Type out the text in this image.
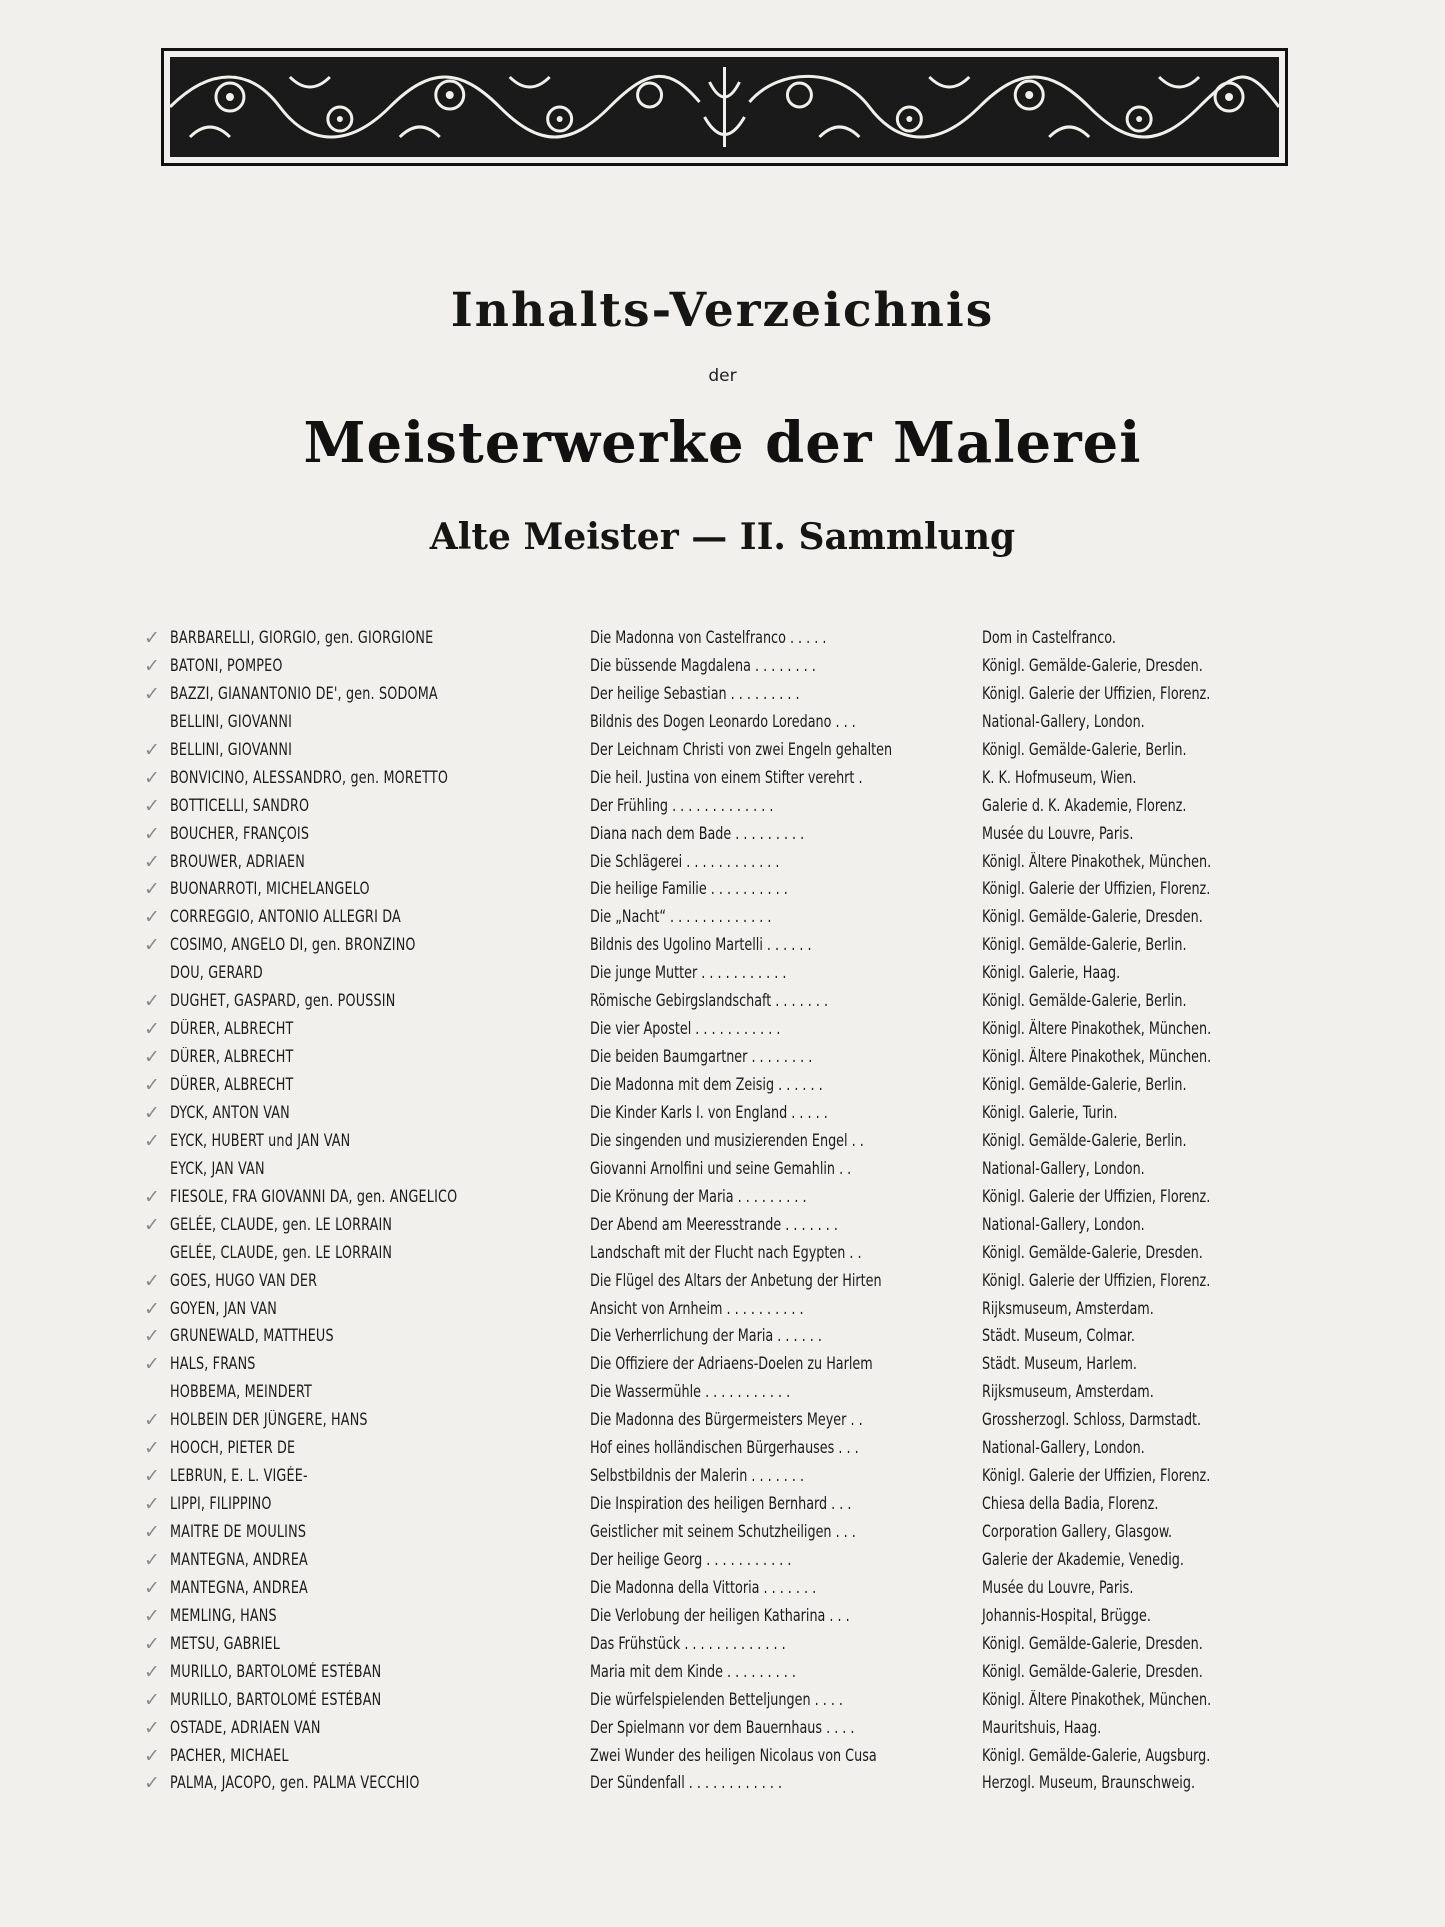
Inhalts-Verzeichnis
der
Meisterwerke der Malerei
Alte Meister — II. Sammlung
✓ BARBARELLI, GIORGIO, gen. GIORGIONE	Die Madonna von Castelfranco . . . . .	Dom in Castelfranco.
✓ BATONI, POMPEO	Die büssende Magdalena . . . . . . . .	Königl. Gemälde-Galerie, Dresden.
✓ BAZZI, GIANANTONIO DE', gen. SODOMA	Der heilige Sebastian . . . . . . . . .	Königl. Galerie der Uffizien, Florenz.
BELLINI, GIOVANNI	Bildnis des Dogen Leonardo Loredano . . .	National-Gallery, London.
✓ BELLINI, GIOVANNI	Der Leichnam Christi von zwei Engeln gehalten	Königl. Gemälde-Galerie, Berlin.
✓ BONVICINO, ALESSANDRO, gen. MORETTO	Die heil. Justina von einem Stifter verehrt .	K. K. Hofmuseum, Wien.
✓ BOTTICELLI, SANDRO	Der Frühling . . . . . . . . . . . . .	Galerie d. K. Akademie, Florenz.
✓ BOUCHER, FRANÇOIS	Diana nach dem Bade . . . . . . . . .	Musée du Louvre, Paris.
✓ BROUWER, ADRIAEN	Die Schlägerei . . . . . . . . . . . .	Königl. Ältere Pinakothek, München.
✓ BUONARROTI, MICHELANGELO	Die heilige Familie . . . . . . . . . .	Königl. Galerie der Uffizien, Florenz.
✓ CORREGGIO, ANTONIO ALLEGRI DA	Die „Nacht“ . . . . . . . . . . . . .	Königl. Gemälde-Galerie, Dresden.
✓ COSIMO, ANGELO DI, gen. BRONZINO	Bildnis des Ugolino Martelli . . . . . .	Königl. Gemälde-Galerie, Berlin.
DOU, GERARD	Die junge Mutter . . . . . . . . . . .	Königl. Galerie, Haag.
✓ DUGHET, GASPARD, gen. POUSSIN	Römische Gebirgslandschaft . . . . . . .	Königl. Gemälde-Galerie, Berlin.
✓ DÜRER, ALBRECHT	Die vier Apostel . . . . . . . . . . .	Königl. Ältere Pinakothek, München.
✓ DÜRER, ALBRECHT	Die beiden Baumgartner . . . . . . . .	Königl. Ältere Pinakothek, München.
✓ DÜRER, ALBRECHT	Die Madonna mit dem Zeisig . . . . . .	Königl. Gemälde-Galerie, Berlin.
✓ DYCK, ANTON VAN	Die Kinder Karls I. von England . . . . .	Königl. Galerie, Turin.
✓ EYCK, HUBERT und JAN VAN	Die singenden und musizierenden Engel . .	Königl. Gemälde-Galerie, Berlin.
EYCK, JAN VAN	Giovanni Arnolfini und seine Gemahlin . .	National-Gallery, London.
✓ FIESOLE, FRA GIOVANNI DA, gen. ANGELICO	Die Krönung der Maria . . . . . . . . .	Königl. Galerie der Uffizien, Florenz.
✓ GELÉE, CLAUDE, gen. LE LORRAIN	Der Abend am Meeresstrande . . . . . . .	National-Gallery, London.
GELÉE, CLAUDE, gen. LE LORRAIN	Landschaft mit der Flucht nach Egypten . .	Königl. Gemälde-Galerie, Dresden.
✓ GOES, HUGO VAN DER	Die Flügel des Altars der Anbetung der Hirten	Königl. Galerie der Uffizien, Florenz.
✓ GOYEN, JAN VAN	Ansicht von Arnheim . . . . . . . . . .	Rijksmuseum, Amsterdam.
✓ GRUNEWALD, MATTHEUS	Die Verherrlichung der Maria . . . . . .	Städt. Museum, Colmar.
✓ HALS, FRANS	Die Offiziere der Adriaens-Doelen zu Harlem	Städt. Museum, Harlem.
HOBBEMA, MEINDERT	Die Wassermühle . . . . . . . . . . .	Rijksmuseum, Amsterdam.
✓ HOLBEIN DER JÜNGERE, HANS	Die Madonna des Bürgermeisters Meyer . .	Grossherzogl. Schloss, Darmstadt.
✓ HOOCH, PIETER DE	Hof eines holländischen Bürgerhauses . . .	National-Gallery, London.
✓ LEBRUN, E. L. VIGÉE-	Selbstbildnis der Malerin . . . . . . .	Königl. Galerie der Uffizien, Florenz.
✓ LIPPI, FILIPPINO	Die Inspiration des heiligen Bernhard . . .	Chiesa della Badia, Florenz.
✓ MAITRE DE MOULINS	Geistlicher mit seinem Schutzheiligen . . .	Corporation Gallery, Glasgow.
✓ MANTEGNA, ANDREA	Der heilige Georg . . . . . . . . . . .	Galerie der Akademie, Venedig.
✓ MANTEGNA, ANDREA	Die Madonna della Vittoria . . . . . . .	Musée du Louvre, Paris.
✓ MEMLING, HANS	Die Verlobung der heiligen Katharina . . .	Johannis-Hospital, Brügge.
✓ METSU, GABRIEL	Das Frühstück . . . . . . . . . . . . .	Königl. Gemälde-Galerie, Dresden.
✓ MURILLO, BARTOLOMÉ ESTÉBAN	Maria mit dem Kinde . . . . . . . . .	Königl. Gemälde-Galerie, Dresden.
✓ MURILLO, BARTOLOMÉ ESTÉBAN	Die würfelspielenden Betteljungen . . . .	Königl. Ältere Pinakothek, München.
✓ OSTADE, ADRIAEN VAN	Der Spielmann vor dem Bauernhaus . . . .	Mauritshuis, Haag.
✓ PACHER, MICHAEL	Zwei Wunder des heiligen Nicolaus von Cusa	Königl. Gemälde-Galerie, Augsburg.
✓ PALMA, JACOPO, gen. PALMA VECCHIO	Der Sündenfall . . . . . . . . . . . .	Herzogl. Museum, Braunschweig.
